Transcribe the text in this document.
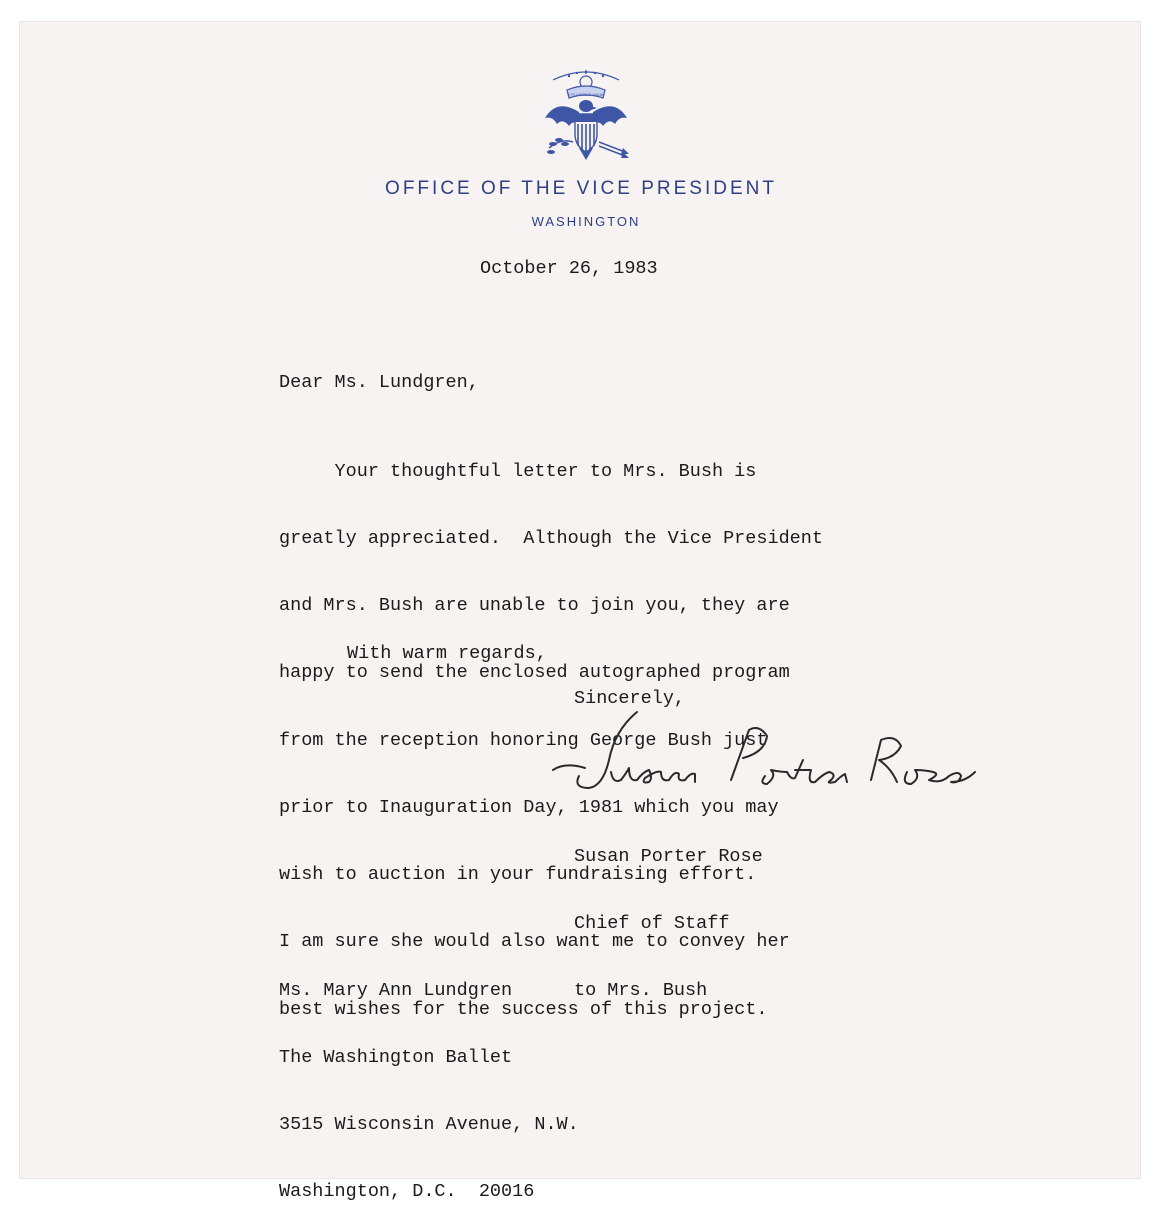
E PLURIBUS UNUM
OFFICE OF THE VICE PRESIDENT
WASHINGTON

October 26, 1983

Dear Ms. Lundgren,

Your thoughtful letter to Mrs. Bush is

greatly appreciated.  Although the Vice President

and Mrs. Bush are unable to join you, they are

happy to send the enclosed autographed program

from the reception honoring George Bush just

prior to Inauguration Day, 1981 which you may

wish to auction in your fundraising effort.

I am sure she would also want me to convey her

best wishes for the success of this project.

With warm regards,

Sincerely,

Susan Porter Rose

Chief of Staff

to Mrs. Bush

Ms. Mary Ann Lundgren

The Washington Ballet

3515 Wisconsin Avenue, N.W.

Washington, D.C.  20016
